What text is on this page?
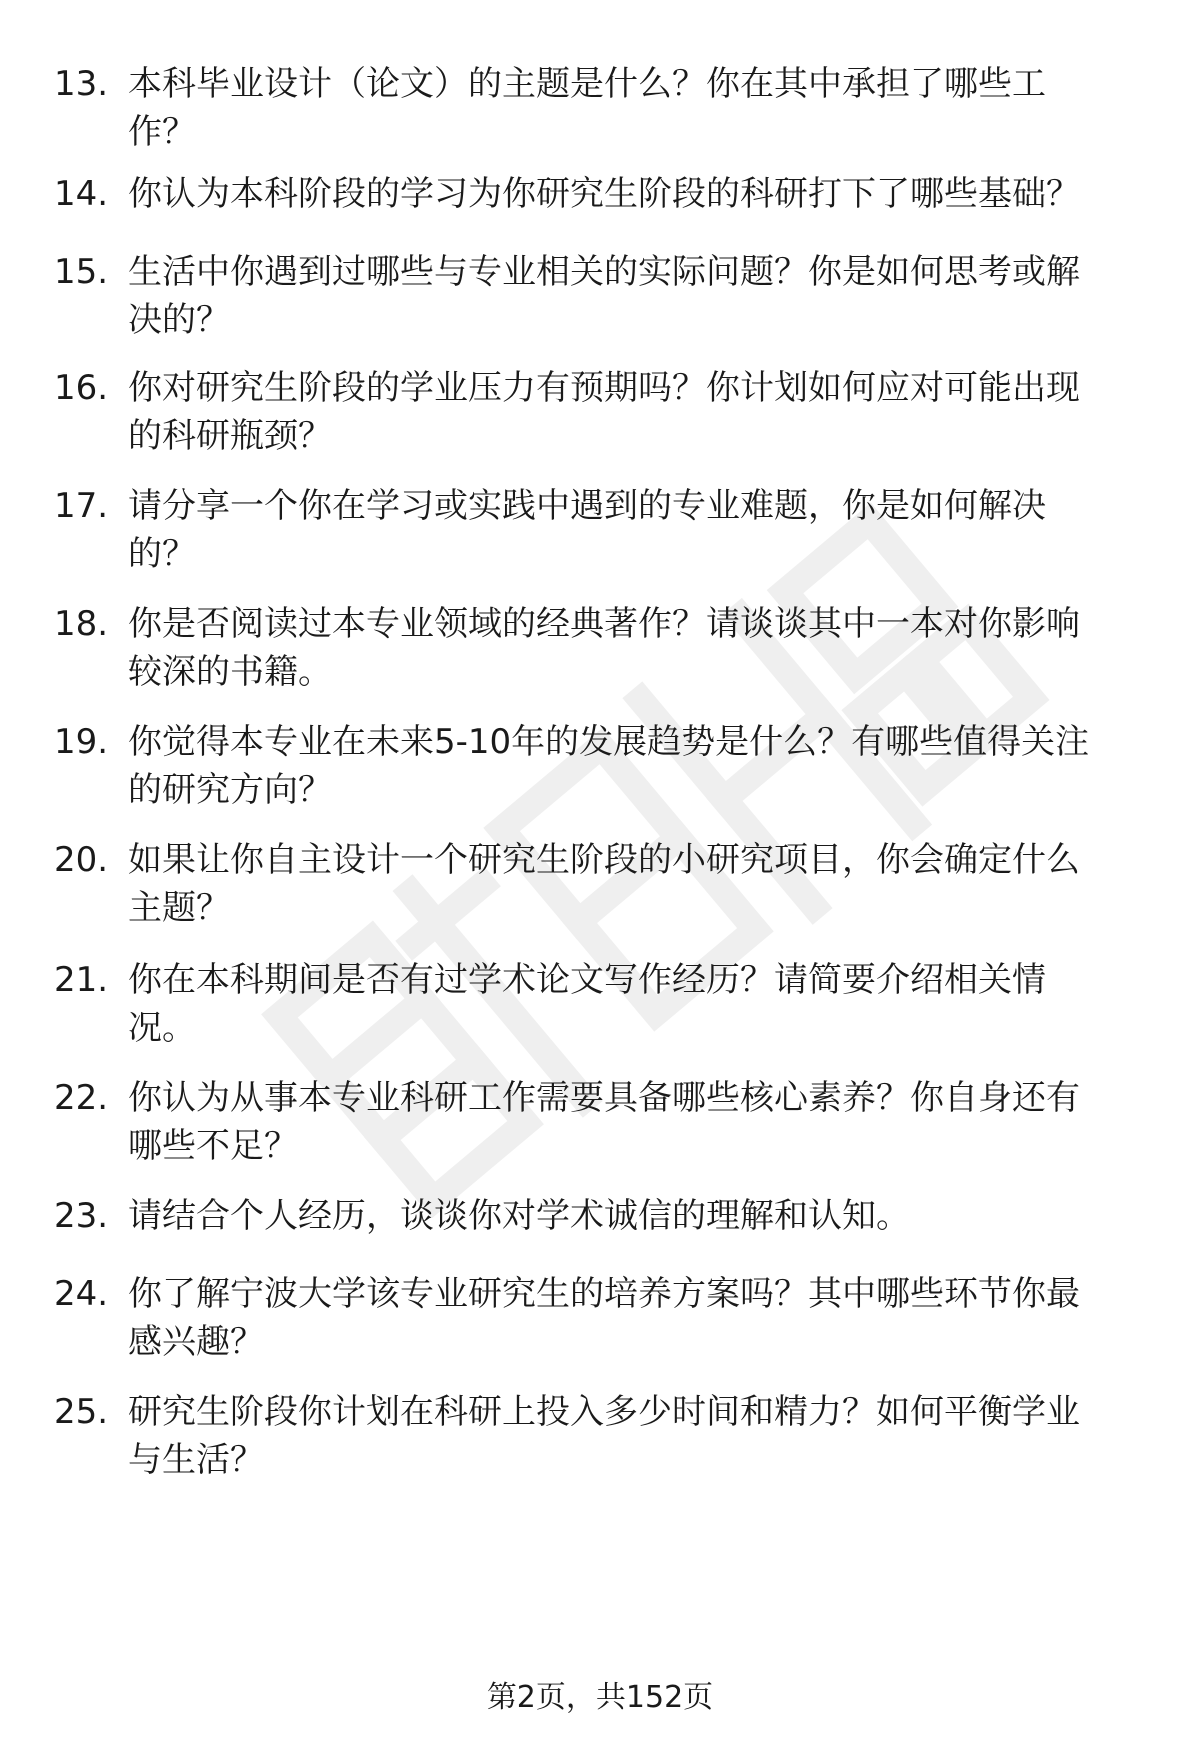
13. 本科毕业设计（论文）的主题是什么？你在其中承担了哪些工
作？
14. 你认为本科阶段的学习为你研究生阶段的科研打下了哪些基础？
15. 生活中你遇到过哪些与专业相关的实际问题？你是如何思考或解
决的？
16. 你对研究生阶段的学业压力有预期吗？你计划如何应对可能出现
的科研瓶颈？
17. 请分享一个你在学习或实践中遇到的专业难题，你是如何解决
的？
18. 你是否阅读过本专业领域的经典著作？请谈谈其中一本对你影响
较深的书籍。
19. 你觉得本专业在未来5-10年的发展趋势是什么？有哪些值得关注
的研究方向？
20. 如果让你自主设计一个研究生阶段的小研究项目，你会确定什么
主题？
21. 你在本科期间是否有过学术论文写作经历？请简要介绍相关情
况。
22. 你认为从事本专业科研工作需要具备哪些核心素养？你自身还有
哪些不足？
23. 请结合个人经历，谈谈你对学术诚信的理解和认知。
24. 你了解宁波大学该专业研究生的培养方案吗？其中哪些环节你最
感兴趣？
25. 研究生阶段你计划在科研上投入多少时间和精力？如何平衡学业
与生活？
第2页，共152页
